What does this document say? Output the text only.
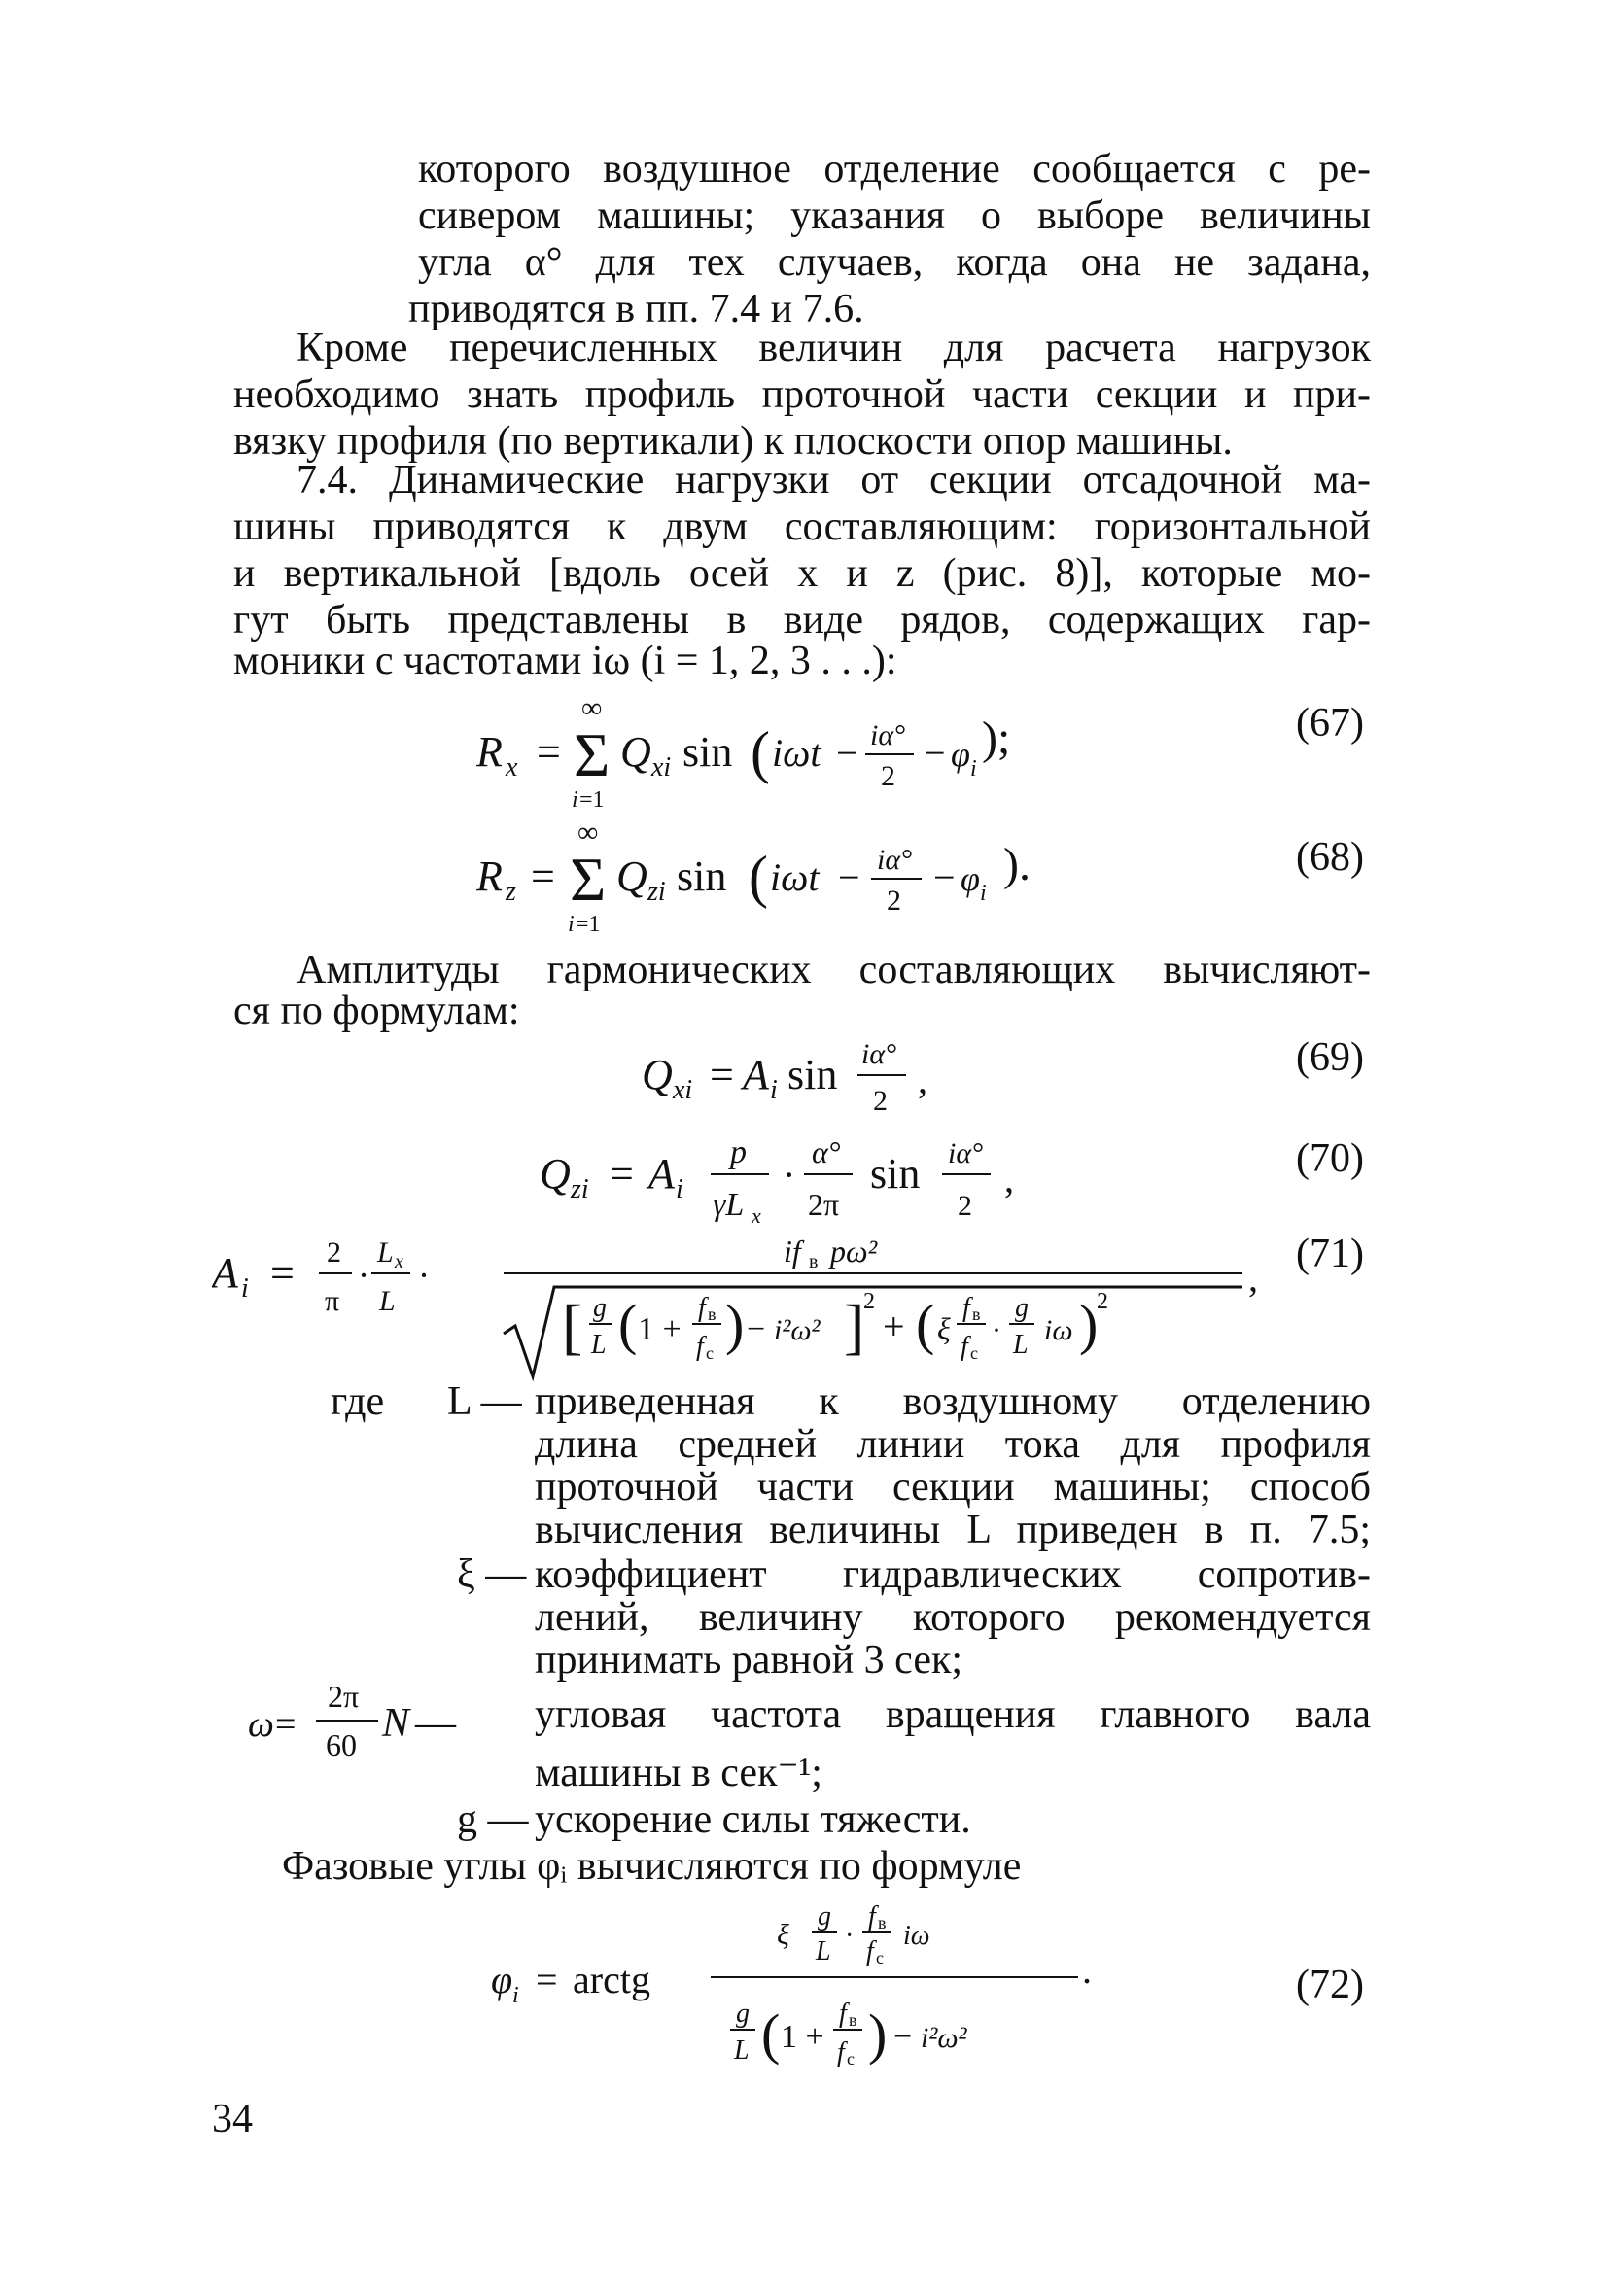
которого воздушное отделение сообщается с ре-
сивером машины; указания о выборе величины
угла α° для тех случаев, когда она не задана,
приводятся в пп. 7.4 и 7.6.
Кроме перечисленных величин для расчета нагрузок
необходимо знать профиль проточной части секции и при-
вязку профиля (по вертикали) к плоскости опор машины.
7.4. Динамические нагрузки от секции отсадочной ма-
шины приводятся к двум составляющим: горизонтальной
и вертикальной [вдоль осей x и z (рис. 8)], которые мо-
гут быть представлены в виде рядов, содержащих гар-
моники с частотами iω (i = 1, 2, 3 . . .):
R x =
∞
Σ
i =1
Q xi sin ( iωt − iα°
2
− φ i
);	(67)
R z =
∞
Σ
i =1
Q zi sin ( iωt − iα°
2
− φ i
).	(68)
Амплитуды гармонических составляющих вычисляют-
ся по формулам:
Q xi = A i sin iα°
2 ,	(69)
Q zi = A i
p
γL x
·
α°
2π
sin iα°
2
,	(70)
A i = 2
π
·
L x
L
·
if в pω²
[ g
L ( 1 +
f в
f c ) − i²ω² ]
2
+ ( ξ
f в
f c
·
g
L iω )
2
,
(71)
где L — приведенная к воздушному отделению
длина средней линии тока для профиля
проточной части секции машины; способ
вычисления величины L приведен в п. 7.5;
ξ — коэффициент гидравлических сопротив-
лений, величину которого рекомендуется
принимать равной 3 сек;
ω =
2π
60 N — угловая частота вращения главного вала
машины в сек⁻¹;
g — ускорение силы тяжести.
Фазовые углы φᵢ вычисляются по формуле
φ i = arctg
ξ
g
L
·
f в
f c
iω
.
g
L ( 1 +
f в
f c ) − i²ω²
(72)
34
